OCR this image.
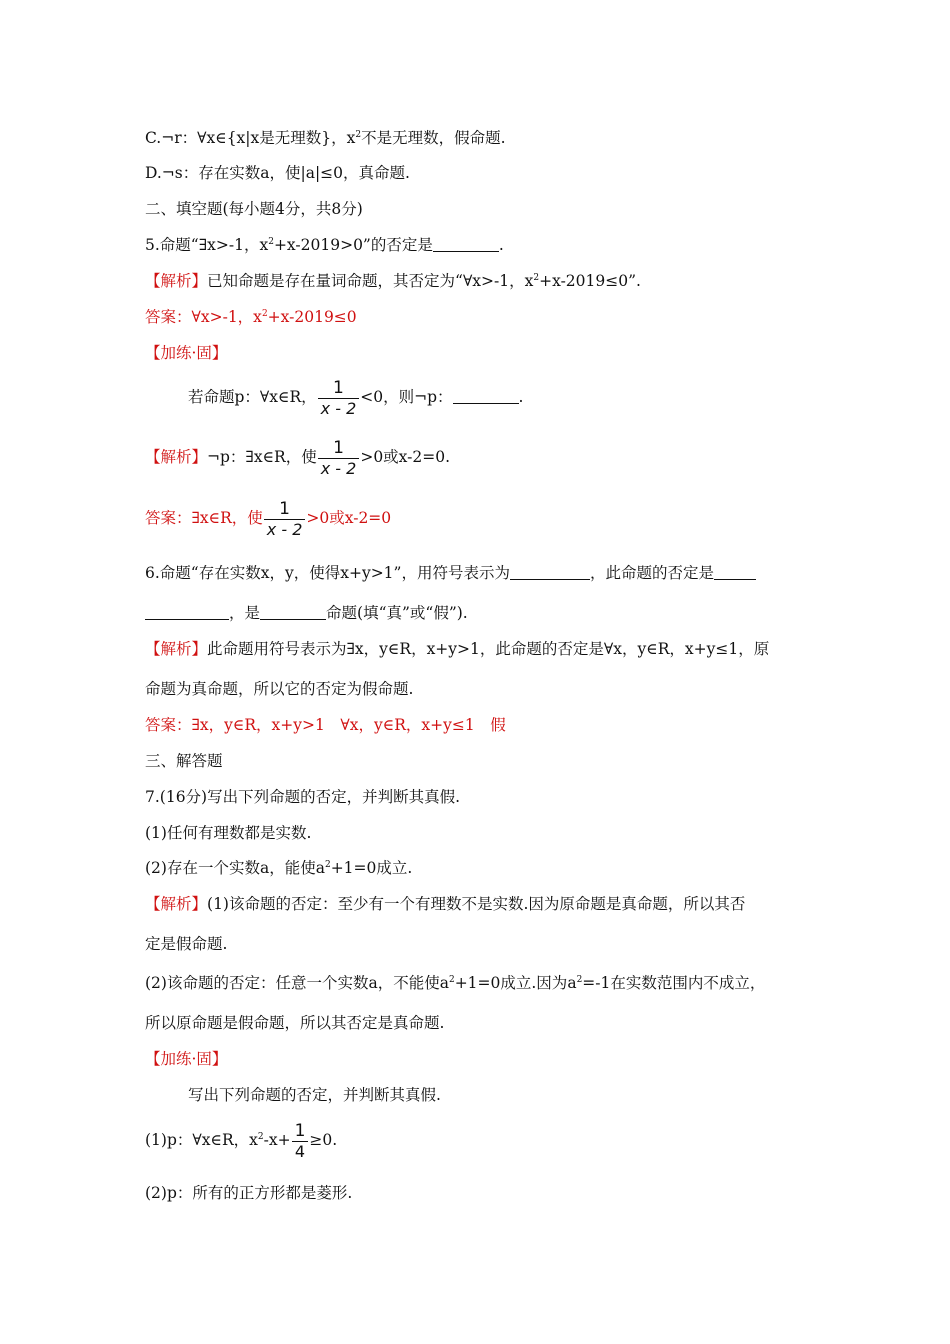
C.¬r：∀x∈{x|x是无理数}，$x^2$不是无理数，假命题.
D.¬s：存在实数a，使|a|≤0，真命题.
二、填空题(每小题4分，共8分)
5.命题“∃x>-1，$x^2+x-2019>0$”的否定是	.
【解析】已知命题是存在量词命题，其否定为“∀x>-1，$x^2+x-2019\le 0$”.
答案：∀x>-1，$x^2+x-2019\le 0$
【加练·固】
若命题p：∀x∈R， $\frac{1}{x - 2} <0$，则¬p：	.
【解析】¬p：∃x∈R，使 $\frac{1}{x - 2} >0$或x-2=0.
答案：∃x∈R，使 $\frac{1}{x - 2} >0$或x-2=0
6.命题“存在实数x，y，使得x+y>1”，用符号表示为	，此命题的否定是
，是	命题(填“真”或“假”).
【解析】此命题用符号表示为∃x，y∈R，x+y>1，此命题的否定是∀x，y∈R，x+y≤1，原
命题为真命题，所以它的否定为假命题.
答案：∃x，y∈R，x+y>1　∀x，y∈R，x+y≤1　假
三、解答题
7.(16分)写出下列命题的否定，并判断其真假.
(1)任何有理数都是实数.
(2)存在一个实数a，能使$a^2+1=0$成立.
【解析】(1)该命题的否定：至少有一个有理数不是实数.因为原命题是真命题，所以其否
定是假命题.
(2)该命题的否定：任意一个实数a，不能使$a^2+1=0$成立.因为$a^2=-1$在实数范围内不成立，
所以原命题是假命题，所以其否定是真命题.
【加练·固】
写出下列命题的否定，并判断其真假.
(1)p：∀x∈R，$x^2-x+ \frac{1}{4} \ge 0$.
(2)p：所有的正方形都是菱形.
